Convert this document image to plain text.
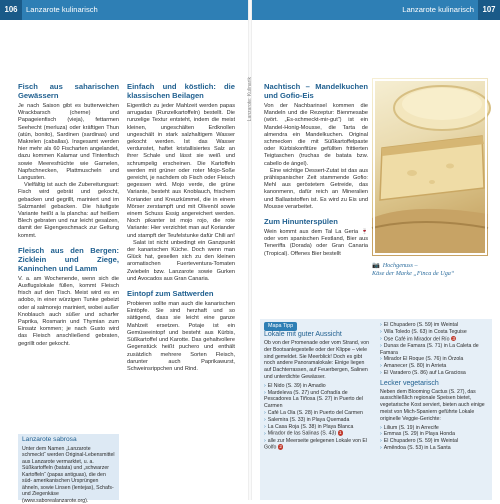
106	Lanzarote kulinarisch
Fisch aus saharischen Gewässern

Je nach Saison gibt es butterweichen Wrackbarsch (cherne) und Papageienfisch (vieja), fettarmen Seehecht (merluza) oder kräftigen Thun (atún, bonito), Sardinen (sardinas) und Makrelen (caballas). Insgesamt werden hier mehr als 60 Fischarten angelandet, dazu kommen Kalamar und Tintenfisch sowie Meeresfrüchte wie Garnelen, Napfschnecken, Plattmuscheln und Langusten.

Vielfältig ist auch die Zubereitungsart: Fisch wird gebrät und gekocht, gebacken und gegrillt, mariniert und im Salzmantel gebacken. Die häufigste Variante heißt a la plancha: auf heißem Blech gebraten und nur leicht gesalzen, damit der Eigengeschmack zur Geltung kommt.

Fleisch aus den Bergen: Zicklein und Ziege, Kaninchen und Lamm

V. a. am Wochenende, wenn sich die Ausflugslokale füllen, kommt Fleisch frisch auf den Tisch. Meist wird es en adobo, in einer würzigen Tunke gebeizt oder al salmorejo mariniert, wobei außer Knoblauch auch süßer und scharfer Paprika, Rosmarin und Thymian zum Einsatz kommen; je nach Gusto wird das Fleisch anschließend gebraten, gegrillt oder gekocht.

Lanzarote sabrosa
Unter dem Namen „Lanzarote schmeckt“ werden Original-Lebensmittel aus Lanzarote vermarktet, u. a. Süßkartoffeln (batata) und „schwarzer Kartoffeln“ (papas antiguas), die den süd- amerikanischen Ursprüngen ähneln, sowie Linsen (lentejas), Schafs- und Ziegenkäse (www.saborealanzarote.org).
Einfach und köstlich: die klassischen Beilagen

Eigentlich zu jeder Mahlzeit werden papas arrugadas (Runzelkartoffeln) bestellt. Die runzelige Textur entsteht, indem die meist kleinen, ungeschälten Erdknollen ungeschält in stark salzhaltigem Wasser gekocht werden. Ist das Wasser verdunstet, haftet kristallisiertes Salz an ihrer Schale und lässt sie weiß und schrumpelig erscheinen. Die Kartoffeln werden mit grüner oder roter Mojo-Soße gereicht, je nachdem ob Fisch oder Fleisch gegessen wird. Mojo verde, die grüne Variante, besteht aus Knoblauch, frischem Koriander und Kreuzkümmel, die in einem Mörser zerstampft und mit Olivenöl sowie einem Schuss Essig angereichert werden. Noch pikanter ist mojo rojo, die rote Variante: Hier verzichtet man auf Koriander und stampft der Teufelstunke dafür Chili an!

Salat ist nicht unbedingt ein Ganzpunkt der kanarischen Küche. Doch wenn man Glück hat, gesellen sich zu den kleinen aromatischen Fuerteventura-Tomaten Zwiebeln bzw. Lanzarote sowie Gurken und Avocados aus Gran Canaria.

Eintopf zum Sattwerden

Probieren sollte man auch die kanarischen Eintöpfe. Sie sind herzhaft und so sättigend, dass sie leicht eine ganze Mahlzeit ersetzen. Potaje ist ein Gemüseeintopf und besteht aus Kürbis, Süßkartoffel und Karotte. Das gehaltvollere Gegenstück heißt puchero und enthält zusätzlich mehrere Sorten Fleisch, darunter auch Paprikawurst, Schweinsrippchen und Rind.

Lanzarote kulinarisch	107
Nachtisch – Mandelkuchen und Gofio-Eis

Von der Nachbarinsel kommen die Mandeln und die Rezeptur: Bienmesabe (wört. „Es-schmeckt-mir-gut“) ist ein Mandel-Honig-Mousse, die Tarta de almendra ein Mandelkuchen. Original schmecken die mit Süßkartoffelpaste oder Kürbiskonfitüre gefüllten frittierten Teigtaschen (truchas de batata bzw. cabello de ángel).

Eine wichtige Dessert-Zutat ist das aus prähispanischer Zeit stammende Gofio: Mehl aus geröstetem Getreide, das kanonmenn, dafür reich an Mineralien und Ballaststoffen ist. Es wird zu Eis und Mousse verarbeitet.

Zum Hinunterspülen

Wein kommt aus dem Tal La Geria 🍷 oder vom spanischen Festland, Bier aus Teneriffa (Dorada) oder Gran Canaria (Tropical). Offenes Bier bestellt

📷 Hochgenuss –
Käse der Marke „Finca de Uga“
Mapa Tipp
Lokale mit guter Aussicht

Ob von der Promenade oder vom Strand, von der Bootsanlegestelle oder der Klippe – viele sind gemeldet. Sie Meerblick! Doch es gibt noch andere Panoramalokale: Einige liegen auf Dachterrassen, auf Feuerbergen, Salinen und unterdichte Gewässer.

› El Nido (S. 39) in Amadio
› Mardeleva (S. 27) und Cofradía de Pescadores La Tiñosa (S. 27) in Puerto del Carmen
› Café La Ola (S. 28) in Puerto del Carmen
› Salemira (S. 33) in Playa Quemada
› La Casa Roja (S. 38) in Playa Blanca
› Mirador de las Salinas (S. 43) 1
› alle zur Meerseite gelegenen Lokale von El Golfo 2
› El Chupadero (S. 59) im Weintal
› Villa Toledo (S. 63) in Costa Teguise
› Ose Café im Mirador del Río 3
› Dunas de Famara (S. 71) in La Caleta de Famara
› Mirador El Roque (S. 76) in Órzola
› Amanecer (S. 80) in Arrieta
› El Varadero (S. 86) auf La Graciosa
Lecker vegetarisch

Neben dem Blooming Cactus (S. 27), das ausschließlich regionale Speisen bietet, vegetarische Kost serviert, bieten auch einige meist von Mich-Spaniern geführte Lokale originelle Veggie-Gerichte:

› Lilium (S. 19) in Arrecife
› Emmas (S. 29) in Playa Honda
› El Chupadero (S. 59) im Weintal
› Amêndoa (S. 53) in La Santa
Lanzarote: Kulinarik
